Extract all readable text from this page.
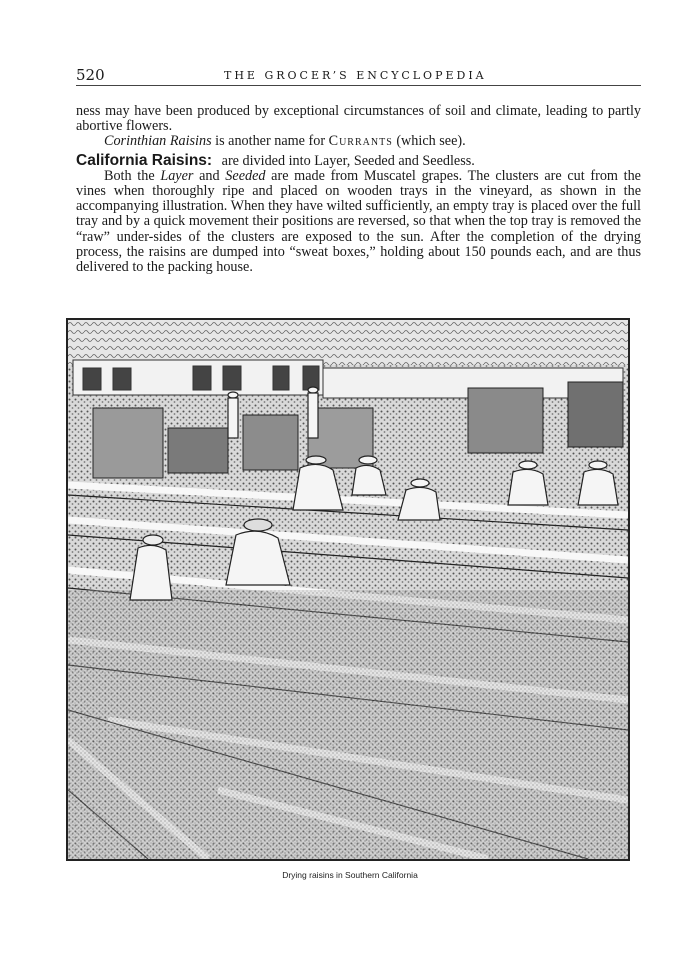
520	THE GROCER’S ENCYCLOPEDIA

ness may have been produced by exceptional circumstances of soil and climate, leading to partly abortive flowers.

Corinthian Raisins is another name for Currants (which see).

California Raisins: are divided into Layer, Seeded and Seedless.

Both the Layer and Seeded are made from Muscatel grapes. The clusters are cut from the vines when thoroughly ripe and placed on wooden trays in the vineyard, as shown in the accompanying illustration. When they have wilted sufficiently, an empty tray is placed over the full tray and by a quick movement their positions are reversed, so that when the top tray is removed the “raw” under-sides of the clusters are exposed to the sun. After the completion of the drying process, the raisins are dumped into “sweat boxes,” holding about 150 pounds each, and are thus delivered to the packing house.

Drying raisins in Southern California
